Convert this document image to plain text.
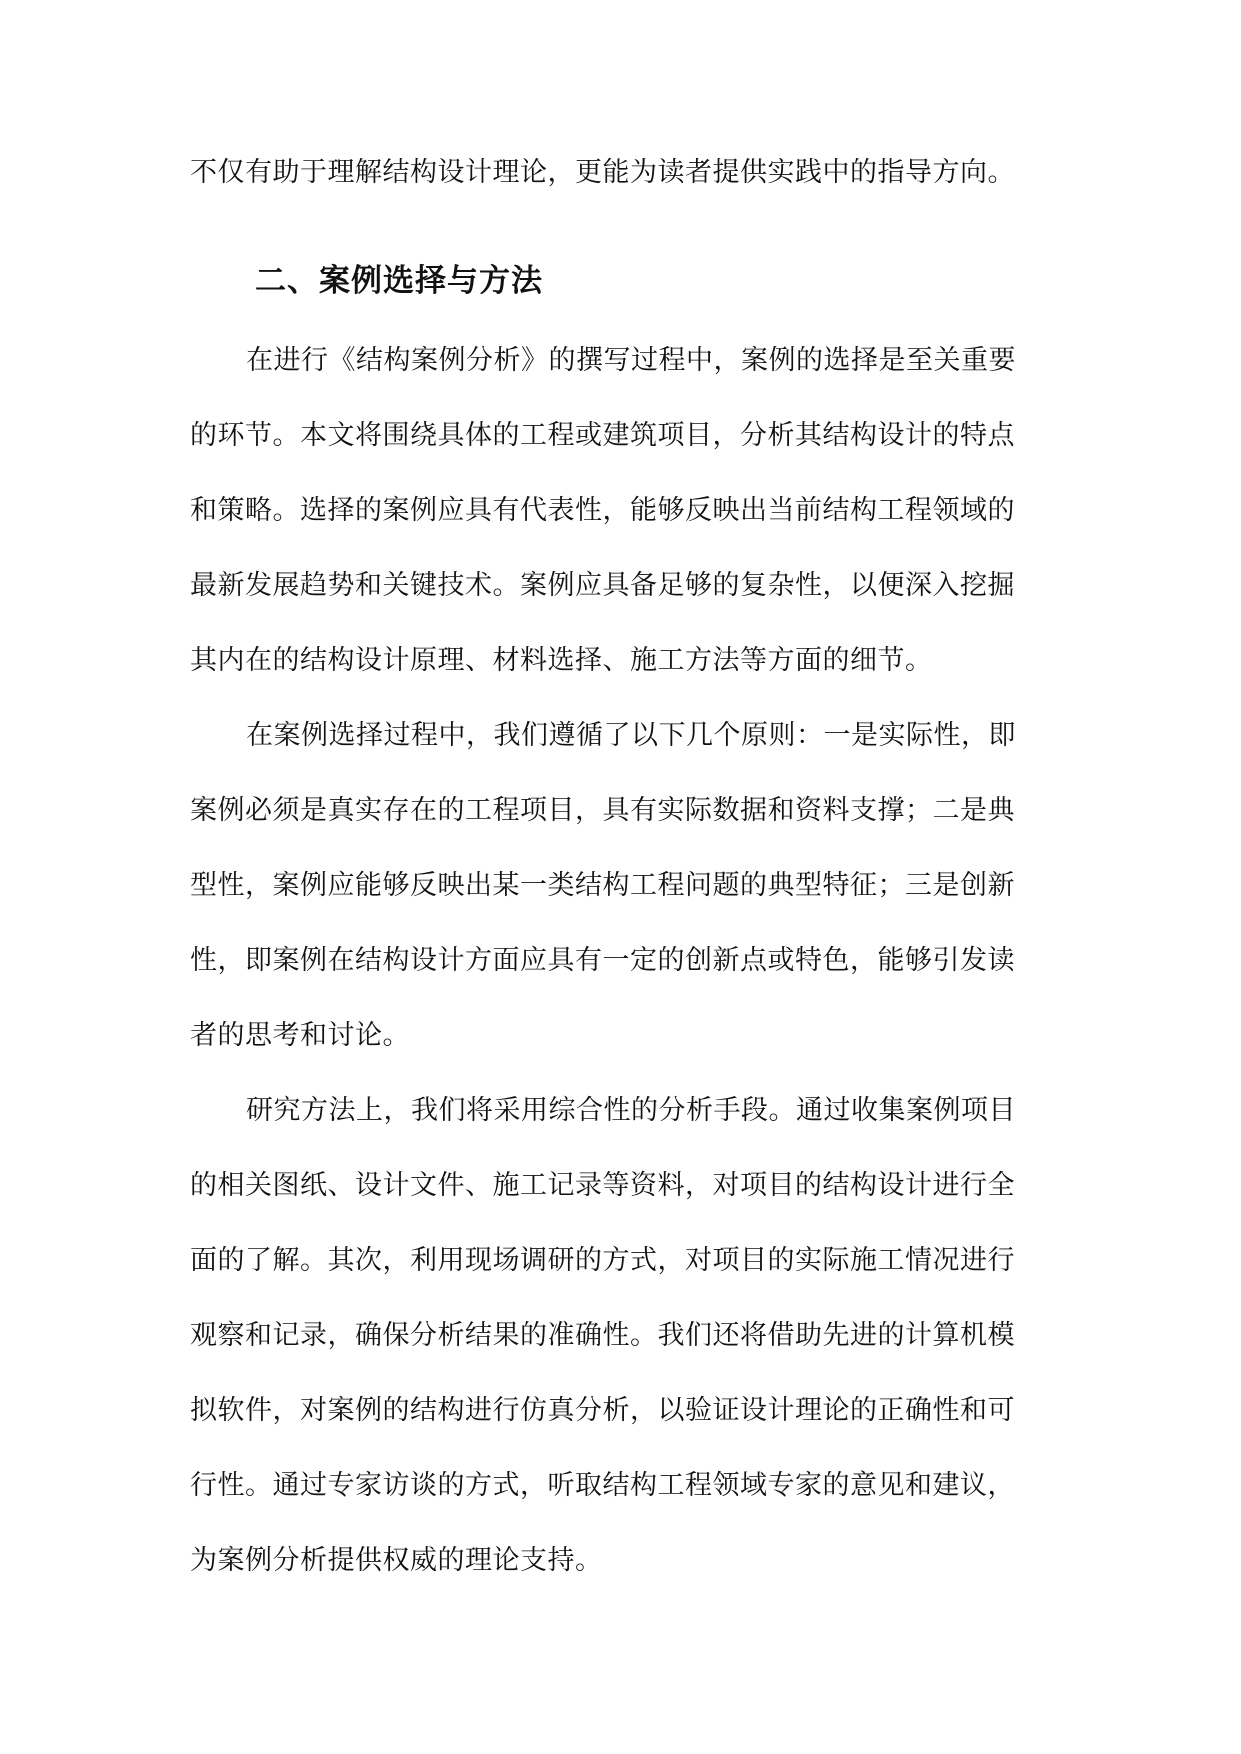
不仅有助于理解结构设计理论，更能为读者提供实践中的指导方向。
二、案例选择与方法
在进行《结构案例分析》的撰写过程中，案例的选择是至关重要
的环节。本文将围绕具体的工程或建筑项目，分析其结构设计的特点
和策略。选择的案例应具有代表性，能够反映出当前结构工程领域的
最新发展趋势和关键技术。案例应具备足够的复杂性，以便深入挖掘
其内在的结构设计原理、材料选择、施工方法等方面的细节。
在案例选择过程中，我们遵循了以下几个原则：一是实际性，即
案例必须是真实存在的工程项目，具有实际数据和资料支撑；二是典
型性，案例应能够反映出某一类结构工程问题的典型特征；三是创新
性，即案例在结构设计方面应具有一定的创新点或特色，能够引发读
者的思考和讨论。
研究方法上，我们将采用综合性的分析手段。通过收集案例项目
的相关图纸、设计文件、施工记录等资料，对项目的结构设计进行全
面的了解。其次，利用现场调研的方式，对项目的实际施工情况进行
观察和记录，确保分析结果的准确性。我们还将借助先进的计算机模
拟软件，对案例的结构进行仿真分析，以验证设计理论的正确性和可
行性。通过专家访谈的方式，听取结构工程领域专家的意见和建议，
为案例分析提供权威的理论支持。
